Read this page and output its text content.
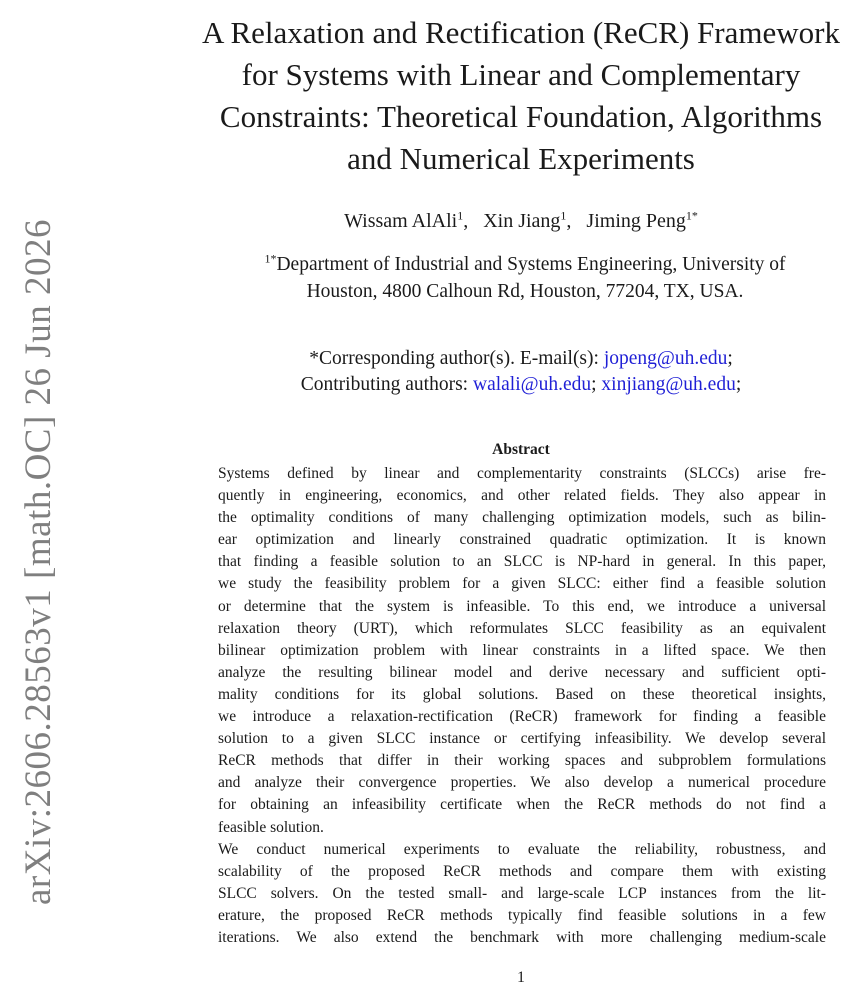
arXiv:2606.28563v1 [math.OC] 26 Jun 2026
A Relaxation and Rectification (ReCR) Framework
for Systems with Linear and Complementary
Constraints: Theoretical Foundation, Algorithms
and Numerical Experiments
Wissam AlAli$^1$, Xin Jiang$^1$, Jiming Peng$^{1*}$
$^{1*}$Department of Industrial and Systems Engineering, University of
Houston, 4800 Calhoun Rd, Houston, 77204, TX, USA.
*Corresponding author(s). E-mail(s): jopeng@uh.edu;
Contributing authors: walali@uh.edu; xinjiang@uh.edu;
Abstract
Systems defined by linear and complementarity constraints (SLCCs) arise fre-
quently in engineering, economics, and other related fields. They also appear in
the optimality conditions of many challenging optimization models, such as bilin-
ear optimization and linearly constrained quadratic optimization. It is known
that finding a feasible solution to an SLCC is NP-hard in general. In this paper,
we study the feasibility problem for a given SLCC: either find a feasible solution
or determine that the system is infeasible. To this end, we introduce a universal
relaxation theory (URT), which reformulates SLCC feasibility as an equivalent
bilinear optimization problem with linear constraints in a lifted space. We then
analyze the resulting bilinear model and derive necessary and sufficient opti-
mality conditions for its global solutions. Based on these theoretical insights,
we introduce a relaxation-rectification (ReCR) framework for finding a feasible
solution to a given SLCC instance or certifying infeasibility. We develop several
ReCR methods that differ in their working spaces and subproblem formulations
and analyze their convergence properties. We also develop a numerical procedure
for obtaining an infeasibility certificate when the ReCR methods do not find a
feasible solution.
We conduct numerical experiments to evaluate the reliability, robustness, and
scalability of the proposed ReCR methods and compare them with existing
SLCC solvers. On the tested small- and large-scale LCP instances from the lit-
erature, the proposed ReCR methods typically find feasible solutions in a few
iterations. We also extend the benchmark with more challenging medium-scale
1
